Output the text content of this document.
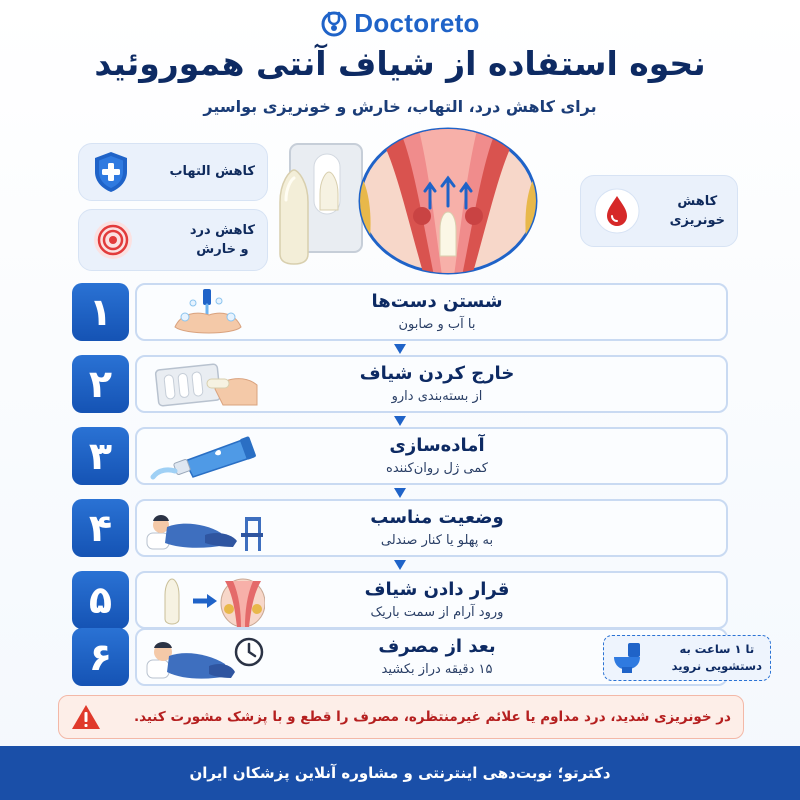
Doctoreto
نحوه استفاده از شیاف آنتی هموروئید
برای کاهش درد، التهاب، خارش و خونریزی بواسیر
کاهش التهاب
کاهش درد
و خارش
کاهش
خونریزی
۱	شستن دست‌ها
با آب و صابون
۲	خارج کردن شیاف
از بسته‌بندی دارو
۳	آماده‌سازی
کمی ژل روان‌کننده
۴	وضعیت مناسب
به پهلو یا کنار صندلی
۵	قرار دادن شیاف
ورود آرام از سمت باریک
۶	بعد از مصرف
۱۵ دقیقه دراز بکشید
تا ۱ ساعت به
دستشویی نروید
در خونریزی شدید، درد مداوم یا علائم غیرمنتظره، مصرف را قطع و با پزشک مشورت کنید.
دکترتو؛ نوبت‌دهی اینترنتی و مشاوره آنلاین پزشکان ایران
